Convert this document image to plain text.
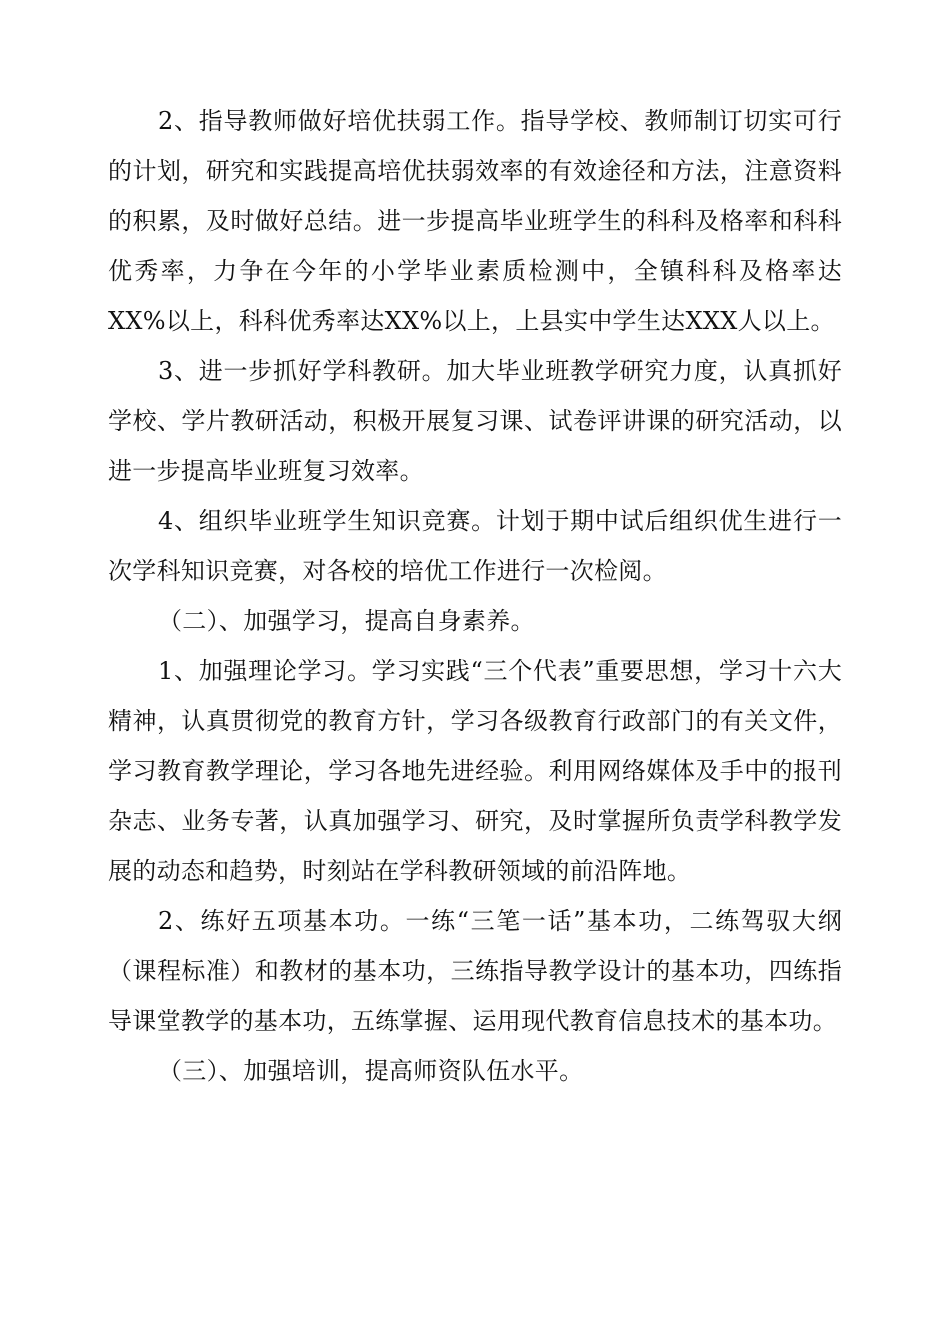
2、指导教师做好培优扶弱工作。指导学校、教师制订切实可行的计划，研究和实践提高培优扶弱效率的有效途径和方法，注意资料的积累，及时做好总结。进一步提高毕业班学生的科科及格率和科科优秀率，力争在今年的小学毕业素质检测中，全镇科科及格率达XX%以上，科科优秀率达XX%以上，上县实中学生达XXX人以上。

3、进一步抓好学科教研。加大毕业班教学研究力度，认真抓好学校、学片教研活动，积极开展复习课、试卷评讲课的研究活动，以进一步提高毕业班复习效率。

4、组织毕业班学生知识竞赛。计划于期中试后组织优生进行一次学科知识竞赛，对各校的培优工作进行一次检阅。

（二）、加强学习，提高自身素养。

1、加强理论学习。学习实践“三个代表”重要思想，学习十六大精神，认真贯彻党的教育方针，学习各级教育行政部门的有关文件，学习教育教学理论，学习各地先进经验。利用网络媒体及手中的报刊杂志、业务专著，认真加强学习、研究，及时掌握所负责学科教学发展的动态和趋势，时刻站在学科教研领域的前沿阵地。

2、练好五项基本功。一练“三笔一话”基本功，二练驾驭大纲（课程标准）和教材的基本功，三练指导教学设计的基本功，四练指导课堂教学的基本功，五练掌握、运用现代教育信息技术的基本功。

（三）、加强培训，提高师资队伍水平。
